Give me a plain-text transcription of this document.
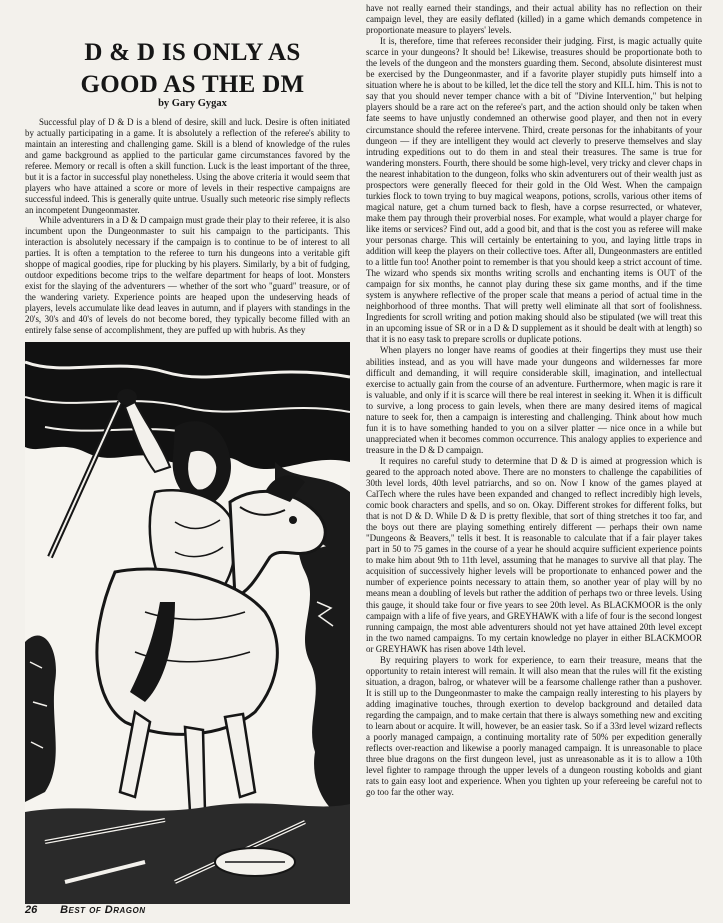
D & D IS ONLY AS
GOOD AS THE DM
by Gary Gygax

Successful play of D & D is a blend of desire, skill and luck. Desire is often initiated by actually participating in a game. It is absolutely a reflection of the referee's ability to maintain an interesting and challenging game. Skill is a blend of knowledge of the rules and game background as applied to the particular game circumstances favored by the referee. Memory or recall is often a skill function. Luck is the least important of the three, but it is a factor in successful play nonetheless. Using the above criteria it would seem that players who have attained a score or more of levels in their respective campaigns are successful indeed. This is generally quite untrue. Usually such meteoric rise simply reflects an incompetent Dungeonmaster.

While adventurers in a D & D campaign must grade their play to their referee, it is also incumbent upon the Dungeonmaster to suit his campaign to the participants. This interaction is absolutely necessary if the campaign is to continue to be of interest to all parties. It is often a temptation to the referee to turn his dungeons into a veritable gift shoppe of magical goodies, ripe for plucking by his players. Similarly, by a bit of fudging, outdoor expeditions become trips to the welfare department for heaps of loot. Monsters exist for the slaying of the adventurers — whether of the sort who "guard" treasure, or of the wandering variety. Experience points are heaped upon the undeserving heads of players, levels accumulate like dead leaves in autumn, and if players with standings in the 20's, 30's and 40's of levels do not become bored, they typically become filled with an entirely false sense of accomplishment, they are puffed up with hubris. As they

have not really earned their standings, and their actual ability has no reflection on their campaign level, they are easily deflated (killed) in a game which demands competence in proportionate measure to players' levels.

It is, therefore, time that referees reconsider their judging. First, is magic actually quite scarce in your dungeons? It should be! Likewise, treasures should be proportionate both to the levels of the dungeon and the monsters guarding them. Second, absolute disinterest must be exercised by the Dungeonmaster, and if a favorite player stupidly puts himself into a situation where he is about to be killed, let the dice tell the story and KILL him. This is not to say that you should never temper chance with a bit of "Divine Intervention," but helping players should be a rare act on the referee's part, and the action should only be taken when fate seems to have unjustly condemned an otherwise good player, and then not in every circumstance should the referee intervene. Third, create personas for the inhabitants of your dungeon — if they are intelligent they would act cleverly to preserve themselves and slay intruding expeditions out to do them in and steal their treasures. The same is true for wandering monsters. Fourth, there should be some high-level, very tricky and clever chaps in the nearest inhabitation to the dungeon, folks who skin adventurers out of their wealth just as prospectors were generally fleeced for their gold in the Old West. When the campaign turkies flock to town trying to buy magical weapons, potions, scrolls, various other items of magical nature, get a chum turned back to flesh, have a corpse resurrected, or whatever, make them pay through their proverbial noses. For example, what would a player charge for like items or services? Find out, add a good bit, and that is the cost you as referee will make your personas charge. This will certainly be entertaining to you, and laying little traps in addition will keep the players on their collective toes. After all, Dungeonmasters are entitled to a little fun too! Another point to remember is that you should keep a strict account of time. The wizard who spends six months writing scrolls and enchanting items is OUT of the campaign for six months, he cannot play during these six game months, and if the time system is anywhere reflective of the proper scale that means a period of actual time in the neighborhood of three months. That will pretty well eliminate all that sort of foolishness. Ingredients for scroll writing and potion making should also be stipulated (we will treat this in an upcoming issue of SR or in a D & D supplement as it should be dealt with at length) so that it is no easy task to prepare scrolls or duplicate potions.

When players no longer have reams of goodies at their fingertips they must use their abilities instead, and as you will have made your dungeons and wildernesses far more difficult and demanding, it will require considerable skill, imagination, and intellectual exercise to actually gain from the course of an adventure. Furthermore, when magic is rare it is valuable, and only if it is scarce will there be real interest in seeking it. When it is difficult to survive, a long process to gain levels, when there are many desired items of magical nature to seek for, then a campaign is interesting and challenging. Think about how much fun it is to have something handed to you on a silver platter — nice once in a while but unappreciated when it becomes common occurrence. This analogy applies to experience and treasure in the D & D campaign.

It requires no careful study to determine that D & D is aimed at progression which is geared to the approach noted above. There are no monsters to challenge the capabilities of 30th level lords, 40th level patriarchs, and so on. Now I know of the games played at CalTech where the rules have been expanded and changed to reflect incredibly high levels, comic book characters and spells, and so on. Okay. Different strokes for different folks, but that is not D & D. While D & D is pretty flexible, that sort of thing stretches it too far, and the boys out there are playing something entirely different — perhaps their own name "Dungeons & Beavers," tells it best. It is reasonable to calculate that if a fair player takes part in 50 to 75 games in the course of a year he should acquire sufficient experience points to make him about 9th to 11th level, assuming that he manages to survive all that play. The acquisition of successively higher levels will be proportionate to enhanced power and the number of experience points necessary to attain them, so another year of play will by no means mean a doubling of levels but rather the addition of perhaps two or three levels. Using this gauge, it should take four or five years to see 20th level. As BLACKMOOR is the only campaign with a life of five years, and GREYHAWK with a life of four is the second longest running campaign, the most able adventurers should not yet have attained 20th level except in the two named campaigns. To my certain knowledge no player in either BLACKMOOR or GREYHAWK has risen above 14th level.

By requiring players to work for experience, to earn their treasure, means that the opportunity to retain interest will remain. It will also mean that the rules will fit the existing situation, a dragon, balrog, or whatever will be a fearsome challenge rather than a pushover. It is still up to the Dungeonmaster to make the campaign really interesting to his players by adding imaginative touches, through exertion to develop background and detailed data regarding the campaign, and to make certain that there is always something new and exciting to learn about or acquire. It will, however, be an easier task. So if a 33rd level wizard reflects a poorly managed campaign, a continuing mortality rate of 50% per expedition generally reflects over-reaction and likewise a poorly managed campaign. It is unreasonable to place three blue dragons on the first dungeon level, just as unreasonable as it is to allow a 10th level fighter to rampage through the upper levels of a dungeon rousting kobolds and giant rats to gain easy loot and experience. When you tighten up your refereeing be careful not to go too far the other way.

26 Best of Dragon
